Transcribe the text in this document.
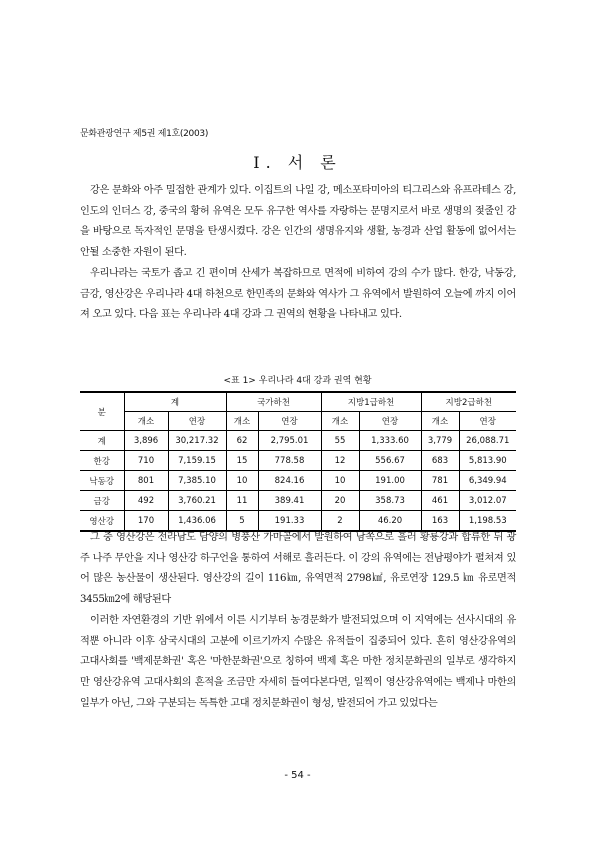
문화관광연구 제5권 제1호(2003)
Ⅰ. 서 론

강은 문화와 아주 밀접한 관계가 있다. 이집트의 나일 강, 메소포타미아의 티그리스와 유프라테스 강, 인도의 인더스 강, 중국의 황허 유역은 모두 유구한 역사를 자랑하는 문명지로서 바로 생명의 젖줄인 강을 바탕으로 독자적인 문명을 탄생시켰다. 강은 인간의 생명유지와 생활, 농경과 산업 활동에 없어서는 안될 소중한 자원이 된다.

우리나라는 국토가 좁고 긴 편이며 산세가 복잡하므로 면적에 비하여 강의 수가 많다. 한강, 낙동강, 금강, 영산강은 우리나라 4대 하천으로 한민족의 문화와 역사가 그 유역에서 발원하여 오늘에 까지 이어져 오고 있다. 다음 표는 우리나라 4대 강과 그 권역의 현황을 나타내고 있다.

<표 1> 우리나라 4대 강과 권역 현황
분	계		국가하천		지방1급하천		지방2급하천	
	개소	연장	개소	연장	개소	연장	개소	연장
계	3,896	30,217.32	62	2,795.01	55	1,333.60	3,779	26,088.71
한강	710	7,159.15	15	778.58	12	556.67	683	5,813.90
낙동강	801	7,385.10	10	824.16	10	191.00	781	6,349.94
금강	492	3,760.21	11	389.41	20	358.73	461	3,012.07
영산강	170	1,436.06	5	191.33	2	46.20	163	1,198.53

그 중 영산강은 전라남도 담양의 병풍산 가마골에서 발원하여 남쪽으로 흘러 황룡강과 합류한 뒤 광주 나주 무안을 지나 영산강 하구언을 통하여 서해로 흘러든다. 이 강의 유역에는 전남평야가 펼쳐져 있어 많은 농산물이 생산된다. 영산강의 길이 116㎞, 유역면적 2798㎢, 유로연장 129.5 ㎞ 유로면적 3455㎞2에 해당된다

이러한 자연환경의 기반 위에서 이른 시기부터 농경문화가 발전되었으며 이 지역에는 선사시대의 유적뿐 아니라 이후 삼국시대의 고분에 이르기까지 수많은 유적들이 집중되어 있다. 흔히 영산강유역의 고대사회를 '백제문화권' 혹은 '마한문화권'으로 칭하여 백제 혹은 마한 정치문화권의 일부로 생각하지만 영산강유역 고대사회의 흔적을 조금만 자세히 들여다본다면, 일찍이 영산강유역에는 백제나 마한의 일부가 아닌, 그와 구분되는 독특한 고대 정치문화권이 형성, 발전되어 가고 있었다는

- 54 -
